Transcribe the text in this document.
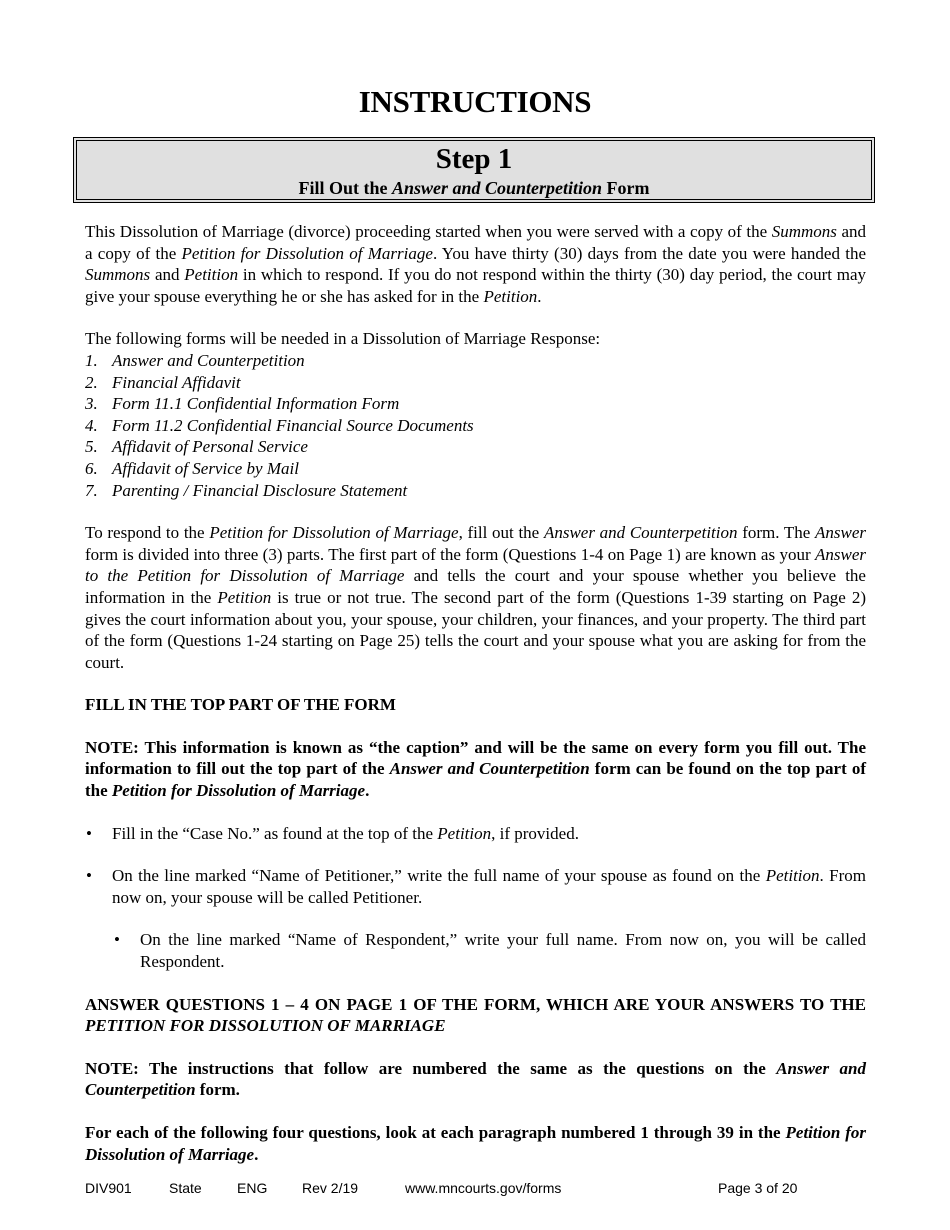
INSTRUCTIONS
Step 1
Fill Out the Answer and Counterpetition Form

This Dissolution of Marriage (divorce) proceeding started when you were served with a copy of the Summons and a copy of the Petition for Dissolution of Marriage. You have thirty (30) days from the date you were handed the Summons and Petition in which to respond. If you do not respond within the thirty (30) day period, the court may give your spouse everything he or she has asked for in the Petition.

The following forms will be needed in a Dissolution of Marriage Response:

1. Answer and Counterpetition
2. Financial Affidavit
3. Form 11.1 Confidential Information Form
4. Form 11.2 Confidential Financial Source Documents
5. Affidavit of Personal Service
6. Affidavit of Service by Mail
7. Parenting / Financial Disclosure Statement

To respond to the Petition for Dissolution of Marriage, fill out the Answer and Counterpetition form. The Answer form is divided into three (3) parts. The first part of the form (Questions 1-4 on Page 1) are known as your Answer to the Petition for Dissolution of Marriage and tells the court and your spouse whether you believe the information in the Petition is true or not true. The second part of the form (Questions 1-39 starting on Page 2) gives the court information about you, your spouse, your children, your finances, and your property. The third part of the form (Questions 1-24 starting on Page 25) tells the court and your spouse what you are asking for from the court.

FILL IN THE TOP PART OF THE FORM

NOTE: This information is known as “the caption” and will be the same on every form you fill out. The information to fill out the top part of the Answer and Counterpetition form can be found on the top part of the Petition for Dissolution of Marriage.

• Fill in the “Case No.” as found at the top of the Petition, if provided.
• On the line marked “Name of Petitioner,” write the full name of your spouse as found on the Petition. From now on, your spouse will be called Petitioner.
• On the line marked “Name of Respondent,” write your full name. From now on, you will be called Respondent.

ANSWER QUESTIONS 1 – 4 ON PAGE 1 OF THE FORM, WHICH ARE YOUR ANSWERS TO THE PETITION FOR DISSOLUTION OF MARRIAGE

NOTE: The instructions that follow are numbered the same as the questions on the Answer and Counterpetition form.

For each of the following four questions, look at each paragraph numbered 1 through 39 in the Petition for Dissolution of Marriage.

DIV901	State	ENG Rev 2/19	www.mncourts.gov/forms	Page 3 of 20
